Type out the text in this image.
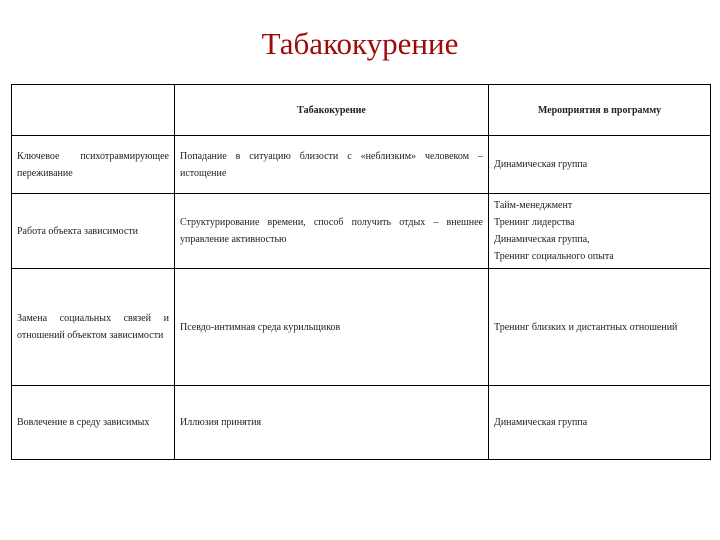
Табакокурение
	Табакокурение	Мероприятия в программу
Ключевое психотравмирующее переживание	Попадание в ситуацию близости с «неблизким» человеком – истощение	Динамическая группа

Работа объекта зависимости	Структурирование времени, способ получить отдых – внешнее управление активностью	Тайм-менеджмент
Тренинг лидерства
Динамическая группа,
Тренинг социального опыта

Замена социальных связей и отношений объектом зависимости	Псевдо-интимная среда курильщиков	Тренинг близких и дистантных отношений

Вовлечение в среду зависимых	Иллюзия принятия	Динамическая группа
